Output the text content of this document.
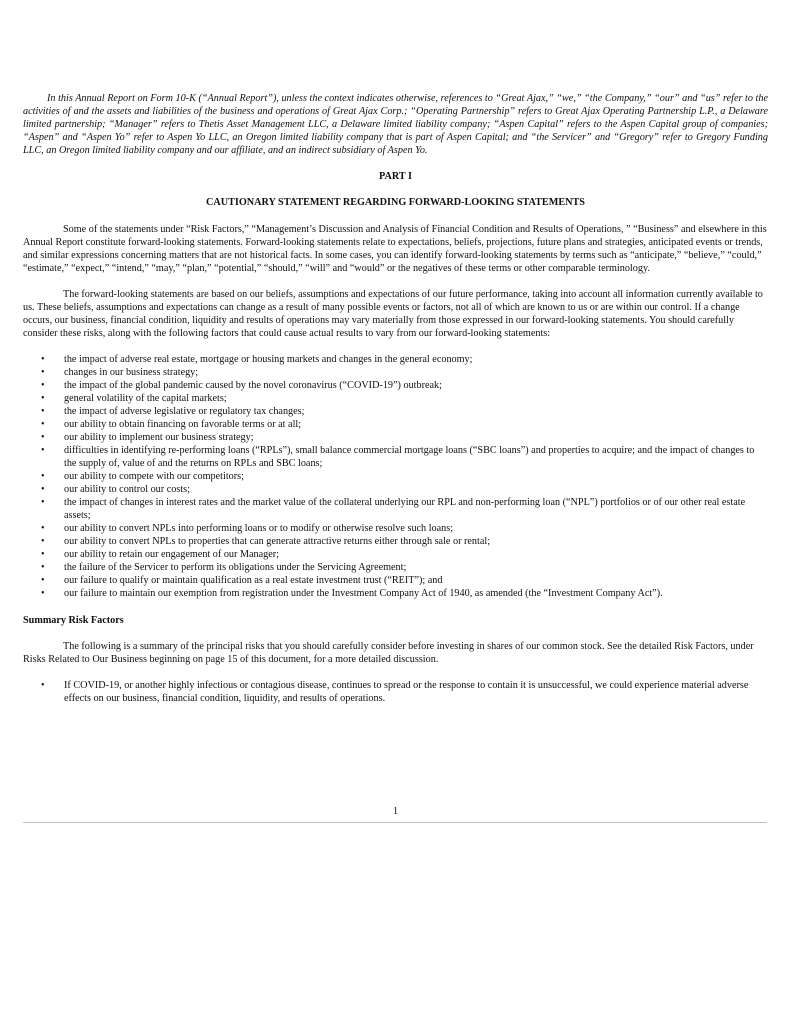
In this Annual Report on Form 10-K (“Annual Report”), unless the context indicates otherwise, references to “Great Ajax,” “we,” “the Company,” “our” and “us” refer to the activities of and the assets and liabilities of the business and operations of Great Ajax Corp.; “Operating Partnership” refers to Great Ajax Operating Partnership L.P., a Delaware limited partnership; “Manager” refers to Thetis Asset Management LLC, a Delaware limited liability company; “Aspen Capital” refers to the Aspen Capital group of companies; “Aspen” and “Aspen Yo” refer to Aspen Yo LLC, an Oregon limited liability company that is part of Aspen Capital; and “the Servicer” and “Gregory” refer to Gregory Funding LLC, an Oregon limited liability company and our affiliate, and an indirect subsidiary of Aspen Yo.

PART I

CAUTIONARY STATEMENT REGARDING FORWARD-LOOKING STATEMENTS

Some of the statements under “Risk Factors,” “Management’s Discussion and Analysis of Financial Condition and Results of Operations, ” “Business” and elsewhere in this Annual Report constitute forward-looking statements. Forward-looking statements relate to expectations, beliefs, projections, future plans and strategies, anticipated events or trends, and similar expressions concerning matters that are not historical facts. In some cases, you can identify forward-looking statements by terms such as “anticipate,” “believe,” “could,” “estimate,” “expect,” “intend,” “may,” “plan,” “potential,” “should,” “will” and “would” or the negatives of these terms or other comparable terminology.

The forward-looking statements are based on our beliefs, assumptions and expectations of our future performance, taking into account all information currently available to us. These beliefs, assumptions and expectations can change as a result of many possible events or factors, not all of which are known to us or are within our control. If a change occurs, our business, financial condition, liquidity and results of operations may vary materially from those expressed in our forward-looking statements. You should carefully consider these risks, along with the following factors that could cause actual results to vary from our forward-looking statements:

• the impact of adverse real estate, mortgage or housing markets and changes in the general economy;
• changes in our business strategy;
• the impact of the global pandemic caused by the novel coronavirus (“COVID-19”) outbreak;
• general volatility of the capital markets;
• the impact of adverse legislative or regulatory tax changes;
• our ability to obtain financing on favorable terms or at all;
• our ability to implement our business strategy;
• difficulties in identifying re-performing loans (“RPLs”), small balance commercial mortgage loans (“SBC loans”) and properties to acquire; and the impact of changes to the supply of, value of and the returns on RPLs and SBC loans;
• our ability to compete with our competitors;
• our ability to control our costs;
• the impact of changes in interest rates and the market value of the collateral underlying our RPL and non-performing loan (“NPL”) portfolios or of our other real estate assets;
• our ability to convert NPLs into performing loans or to modify or otherwise resolve such loans;
• our ability to convert NPLs to properties that can generate attractive returns either through sale or rental;
• our ability to retain our engagement of our Manager;
• the failure of the Servicer to perform its obligations under the Servicing Agreement;
• our failure to qualify or maintain qualification as a real estate investment trust (“REIT”); and
• our failure to maintain our exemption from registration under the Investment Company Act of 1940, as amended (the “Investment Company Act”).

Summary Risk Factors

The following is a summary of the principal risks that you should carefully consider before investing in shares of our common stock. See the detailed Risk Factors, under Risks Related to Our Business beginning on page 15 of this document, for a more detailed discussion.

• If COVID-19, or another highly infectious or contagious disease, continues to spread or the response to contain it is unsuccessful, we could experience material adverse effects on our business, financial condition, liquidity, and results of operations.
1
